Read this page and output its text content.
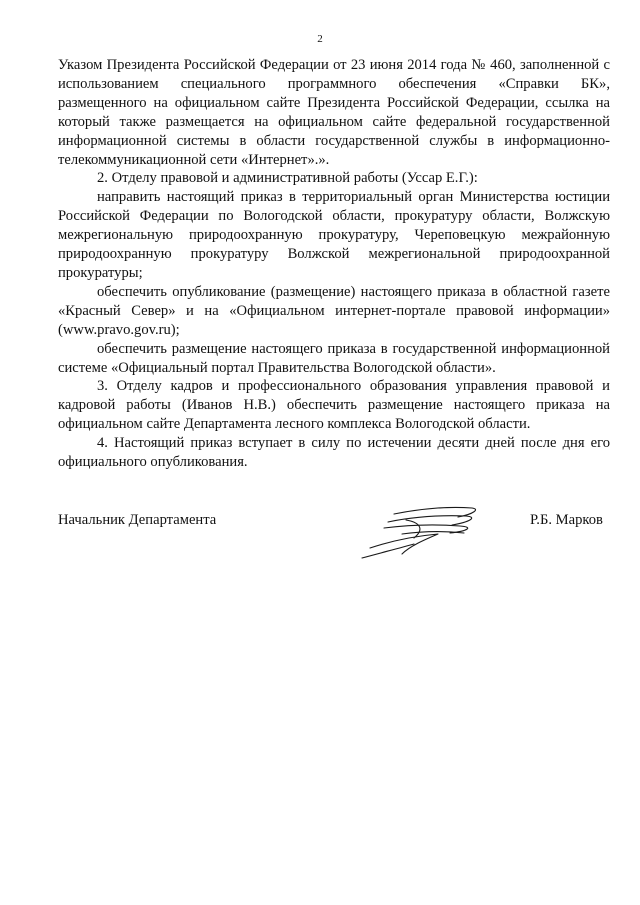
2

Указом Президента Российской Федерации от 23 июня 2014 года № 460, заполненной с использованием специального программного обеспечения «Справки БК», размещенного на официальном сайте Президента Российской Федерации, ссылка на который также размещается на официальном сайте федеральной государственной информационной системы в области государственной службы в информационно-телекоммуникационной сети «Интернет».».

2. Отделу правовой и административной работы (Уссар Е.Г.):

направить настоящий приказ в территориальный орган Министерства юстиции Российской Федерации по Вологодской области, прокуратуру области, Волжскую межрегиональную природоохранную прокуратуру, Череповецкую межрайонную природоохранную прокуратуру Волжской межрегиональной природоохранной прокуратуры;

обеспечить опубликование (размещение) настоящего приказа в областной газете «Красный Север» и на «Официальном интернет-портале правовой информации» (www.pravo.gov.ru);

обеспечить размещение настоящего приказа в государственной информационной системе «Официальный портал Правительства Вологодской области».

3. Отделу кадров и профессионального образования управления правовой и кадровой работы (Иванов Н.В.) обеспечить размещение настоящего приказа на официальном сайте Департамента лесного комплекса Вологодской области.

4. Настоящий приказ вступает в силу по истечении десяти дней после дня его официального опубликования.

Начальник Департамента	Р.Б. Марков
